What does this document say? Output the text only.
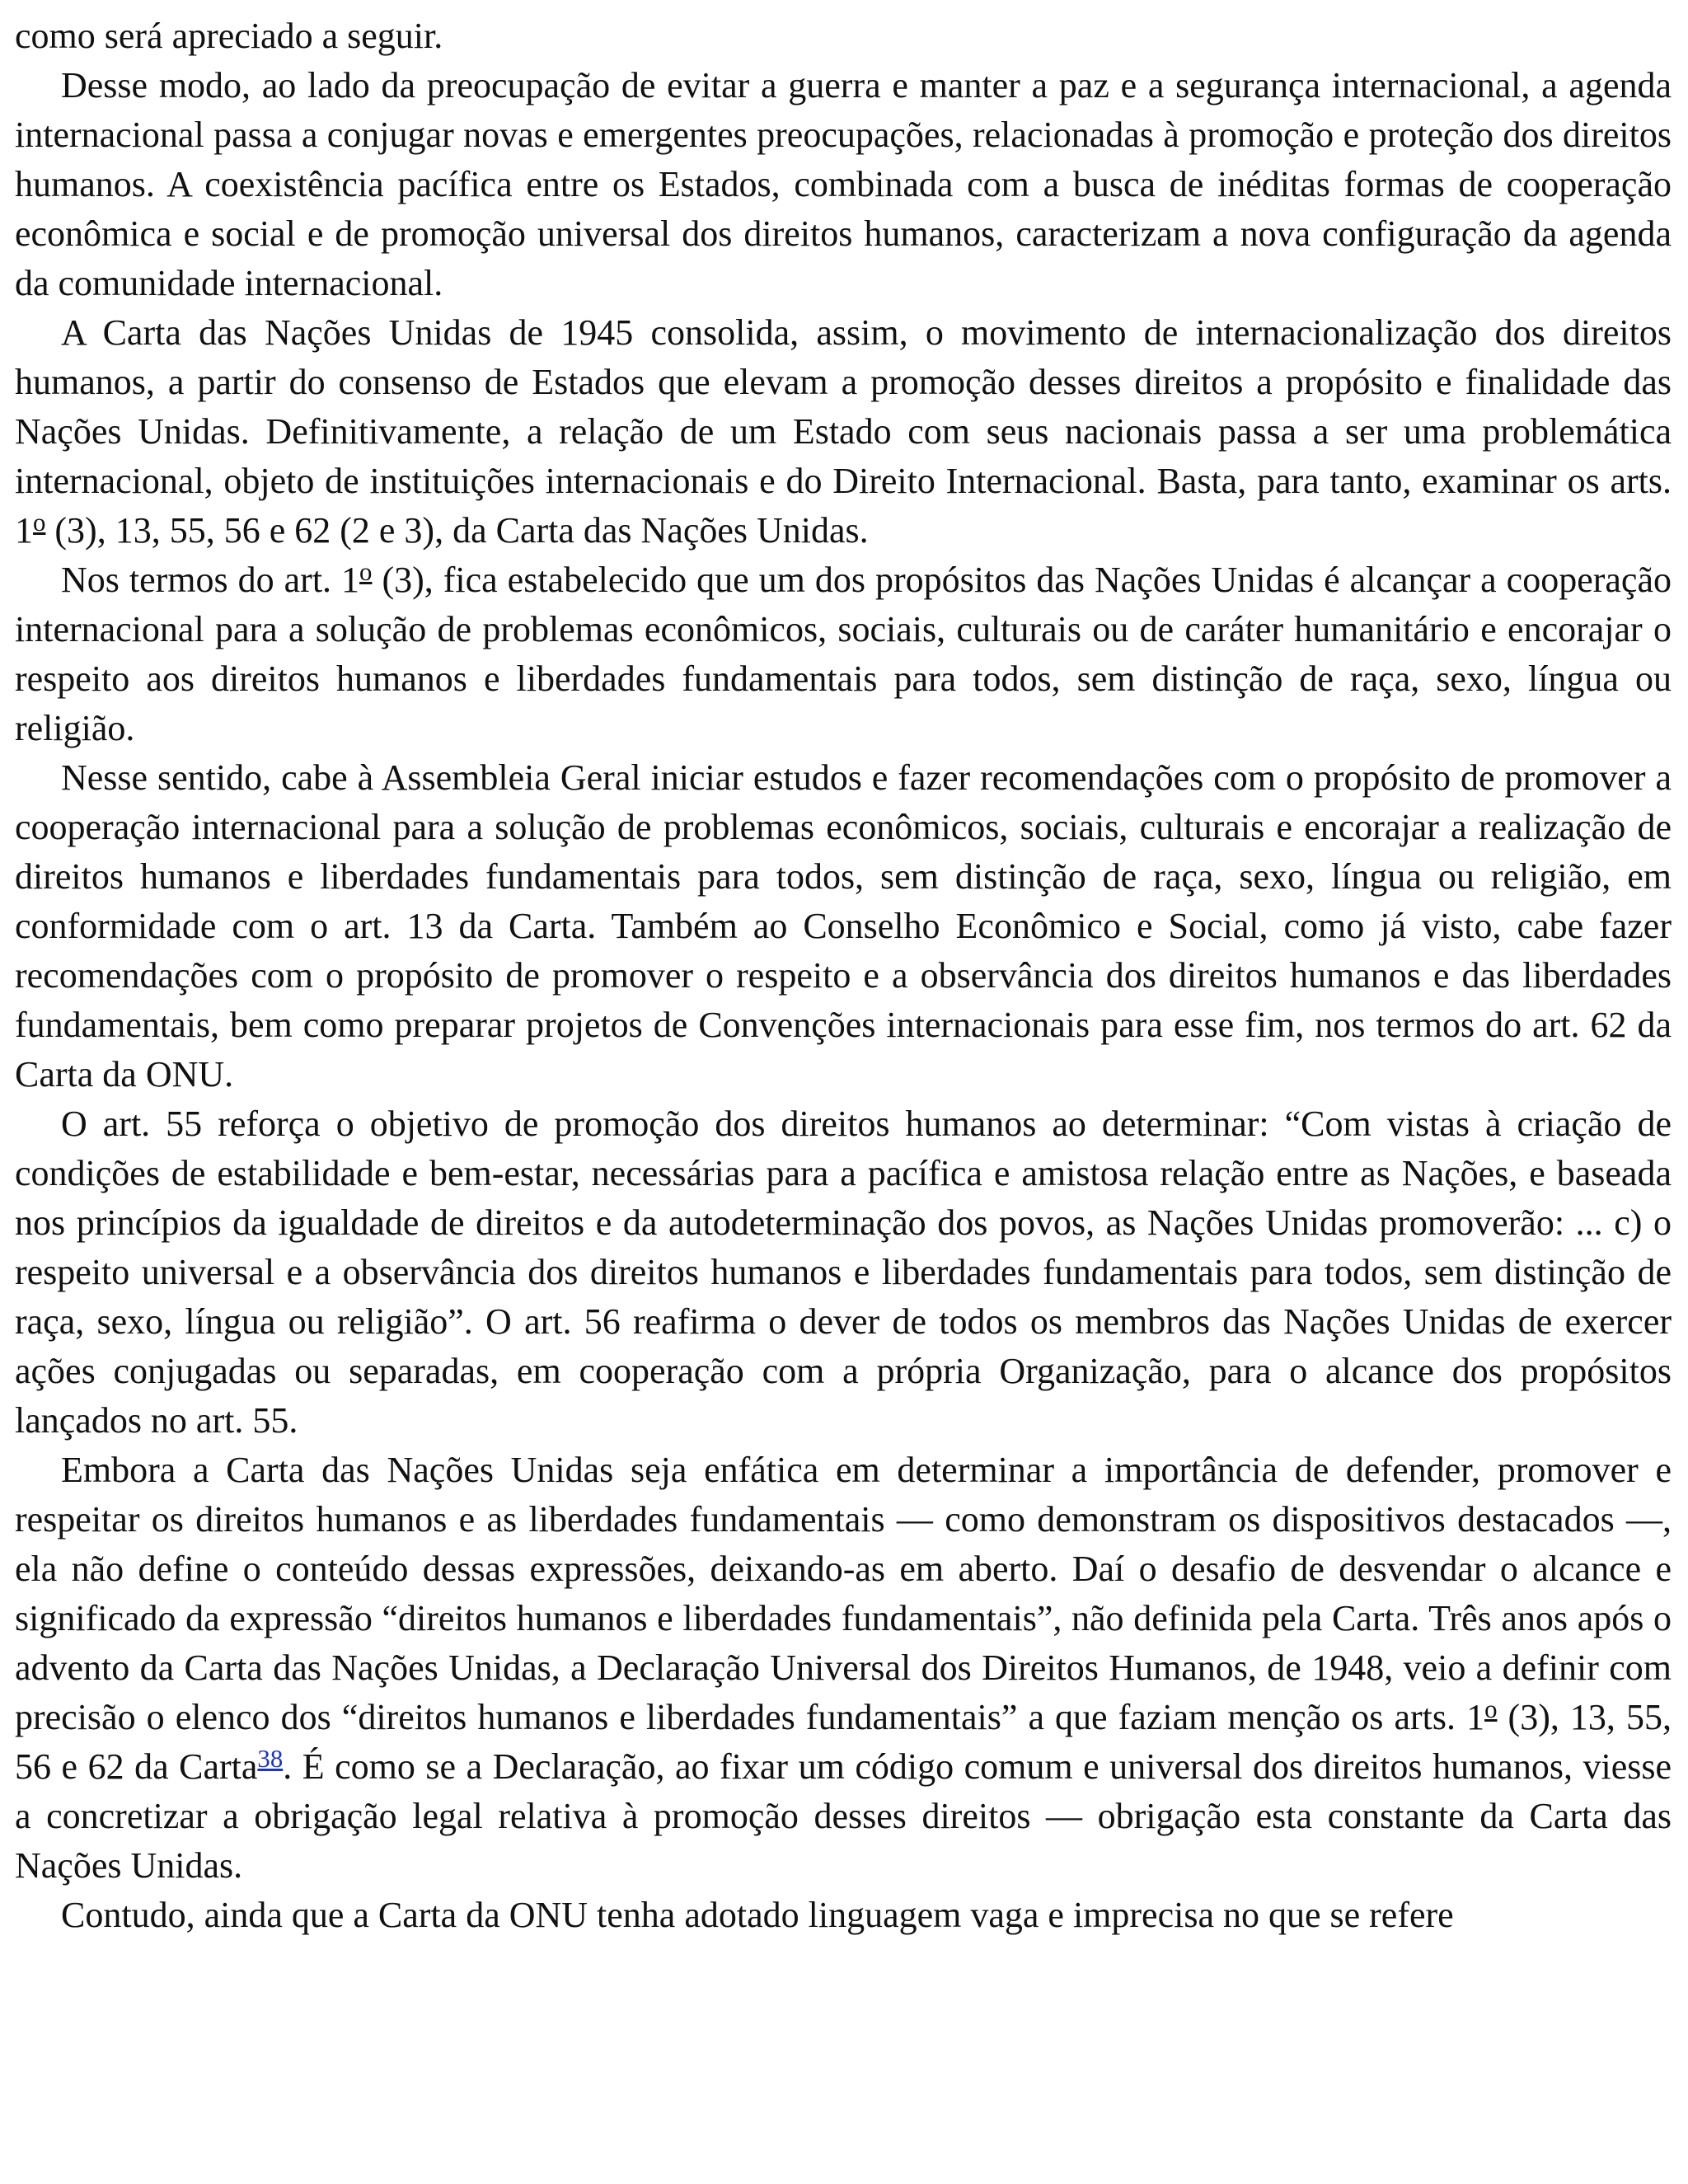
como será apreciado a seguir.

Desse modo, ao lado da preocupação de evitar a guerra e manter a paz e a segurança internacional, a agenda internacional passa a conjugar novas e emergentes preocupações, relacionadas à promoção e proteção dos direitos humanos. A coexistência pacífica entre os Estados, combinada com a busca de inéditas formas de cooperação econômica e social e de promoção universal dos direitos humanos, caracterizam a nova configuração da agenda da comunidade internacional.

A Carta das Nações Unidas de 1945 consolida, assim, o movimento de internacionalização dos direitos humanos, a partir do consenso de Estados que elevam a promoção desses direitos a propósito e finalidade das Nações Unidas. Definitivamente, a relação de um Estado com seus nacionais passa a ser uma problemática internacional, objeto de instituições internacionais e do Direito Internacional. Basta, para tanto, examinar os arts. 1$^o$ (3), 13, 55, 56 e 62 (2 e 3), da Carta das Nações Unidas.

Nos termos do art. 1$^o$ (3), fica estabelecido que um dos propósitos das Nações Unidas é alcançar a cooperação internacional para a solução de problemas econômicos, sociais, culturais ou de caráter humanitário e encorajar o respeito aos direitos humanos e liberdades fundamentais para todos, sem distinção de raça, sexo, língua ou religião.

Nesse sentido, cabe à Assembleia Geral iniciar estudos e fazer recomendações com o propósito de promover a cooperação internacional para a solução de problemas econômicos, sociais, culturais e encorajar a realização de direitos humanos e liberdades fundamentais para todos, sem distinção de raça, sexo, língua ou religião, em conformidade com o art. 13 da Carta. Também ao Conselho Econômico e Social, como já visto, cabe fazer recomendações com o propósito de promover o respeito e a observância dos direitos humanos e das liberdades fundamentais, bem como preparar projetos de Convenções internacionais para esse fim, nos termos do art. 62 da Carta da ONU.

O art. 55 reforça o objetivo de promoção dos direitos humanos ao determinar: “Com vistas à criação de condições de estabilidade e bem-estar, necessárias para a pacífica e amistosa relação entre as Nações, e baseada nos princípios da igualdade de direitos e da autodeterminação dos povos, as Nações Unidas promoverão: ... c) o respeito universal e a observância dos direitos humanos e liberdades fundamentais para todos, sem distinção de raça, sexo, língua ou religião”. O art. 56 reafirma o dever de todos os membros das Nações Unidas de exercer ações conjugadas ou separadas, em cooperação com a própria Organização, para o alcance dos propósitos lançados no art. 55.

Embora a Carta das Nações Unidas seja enfática em determinar a importância de defender, promover e respeitar os direitos humanos e as liberdades fundamentais — como demonstram os dispositivos destacados —, ela não define o conteúdo dessas expressões, deixando-as em aberto. Daí o desafio de desvendar o alcance e significado da expressão “direitos humanos e liberdades fundamentais”, não definida pela Carta. Três anos após o advento da Carta das Nações Unidas, a Declaração Universal dos Direitos Humanos, de 1948, veio a definir com precisão o elenco dos “direitos humanos e liberdades fundamentais” a que faziam menção os arts. 1$^o$ (3), 13, 55, 56 e 62 da Carta$^{38}$. É como se a Declaração, ao fixar um código comum e universal dos direitos humanos, viesse a concretizar a obrigação legal relativa à promoção desses direitos — obrigação esta constante da Carta das Nações Unidas.

Contudo, ainda que a Carta da ONU tenha adotado linguagem vaga e imprecisa no que se refere
